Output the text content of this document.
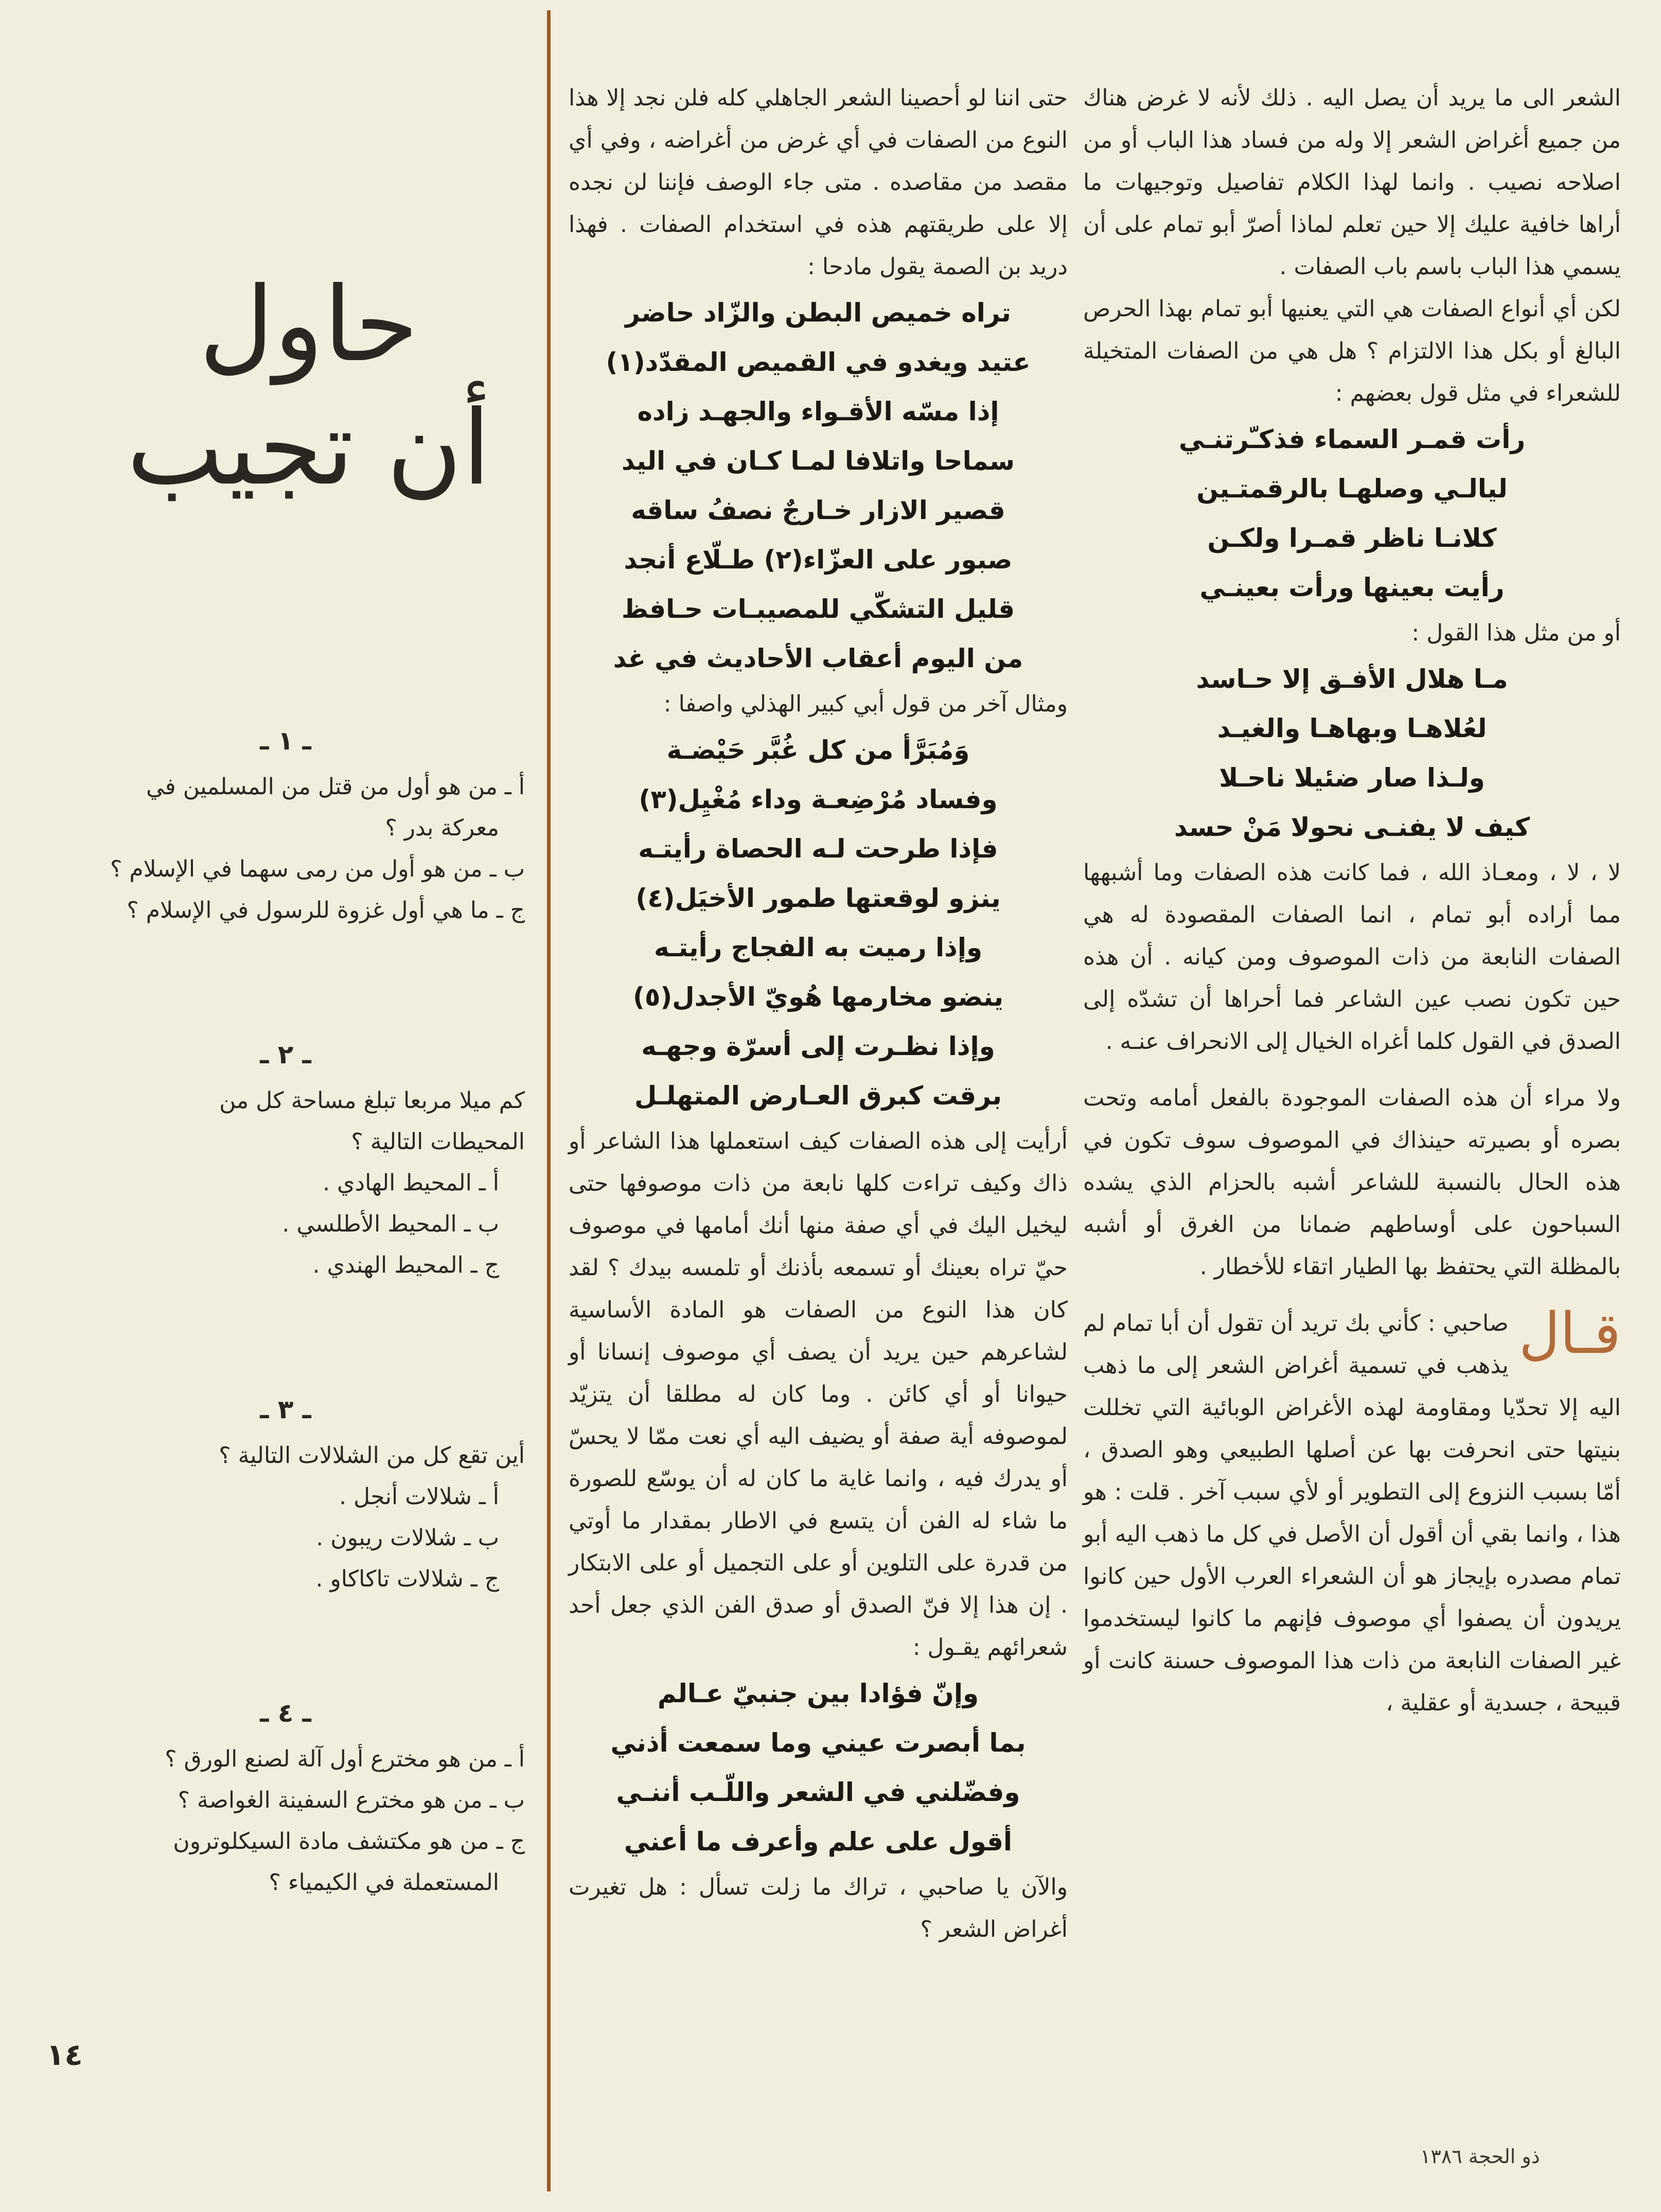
الشعر الى ما يريد أن يصل اليه . ذلك لأنه لا غرض هناك من جميع أغراض الشعر إلا وله من فساد هذا الباب أو من اصلاحه نصيب . وانما لهذا الكلام تفاصيل وتوجيهات ما أراها خافية عليك إلا حين تعلم لماذا أصرّ أبو تمام على أن يسمي هذا الباب باسم باب الصفات .

لكن أي أنواع الصفات هي التي يعنيها أبو تمام بهذا الحرص البالغ أو بكل هذا الالتزام ؟ هل هي من الصفات المتخيلة للشعراء في مثل قول بعضهم :

رأت قمـر السماء فذكـّرتنـي

ليالـي وصلهـا بالرقمتـين

كلانـا ناظر قمـرا ولكـن

رأيت بعينها ورأت بعينـي

أو من مثل هذا القول :

مـا هلال الأفـق إلا حـاسد

لعُلاهـا وبهاهـا والغيـد

ولـذا صار ضئيلا ناحـلا

كيف لا يفنـى نحولا مَنْ حسد

لا ، لا ، ومعـاذ الله ، فما كانت هذه الصفات وما أشبهها مما أراده أبو تمام ، انما الصفات المقصودة له هي الصفات النابعة من ذات الموصوف ومن كيانه . أن هذه حين تكون نصب عين الشاعر فما أحراها أن تشدّه إلى الصدق في القول كلما أغراه الخيال إلى الانحراف عنـه .

ولا مراء أن هذه الصفات الموجودة بالفعل أمامه وتحت بصره أو بصيرته حينذاك في الموصوف سوف تكون في هذه الحال بالنسبة للشاعر أشبه بالحزام الذي يشده السباحون على أوساطهم ضمانا من الغرق أو أشبه بالمظلة التي يحتفظ بها الطيار اتقاء للأخطار .

قـال
صاحبي : كأني بك تريد أن تقول أن أبا تمام لم يذهب في تسمية أغراض الشعر إلى ما ذهب اليه إلا تحدّيا ومقاومة لهذه الأغراض الوبائية التي تخللت بنيتها حتى انحرفت بها عن أصلها الطبيعي وهو الصدق ، أمّا بسبب النزوع إلى التطوير أو لأي سبب آخر . قلت : هو هذا ، وانما بقي أن أقول أن الأصل في كل ما ذهب اليه أبو تمام مصدره بإيجاز هو أن الشعراء العرب الأول حين كانوا يريدون أن يصفوا أي موصوف فإنهم ما كانوا ليستخدموا غير الصفات النابعة من ذات هذا الموصوف حسنة كانت أو قبيحة ، جسدية أو عقلية ،

حتى اننا لو أحصينا الشعر الجاهلي كله فلن نجد إلا هذا النوع من الصفات في أي غرض من أغراضه ، وفي أي مقصد من مقاصده . متى جاء الوصف فإننا لن نجده إلا على طريقتهم هذه في استخدام الصفات . فهذا دريد بن الصمة يقول مادحا :

تراه خميص البطن والزّاد حاضر

عتيد ويغدو في القميص المقدّد(١)

إذا مسّه الأقـواء والجهـد زاده

سماحا واتلافا لمـا كـان في اليد

قصير الازار خـارجٌ نصفُ ساقه

صبور على العزّاء(٢) طـلّاع أنجد

قليل التشكّي للمصيبـات حـافظ

من اليوم أعقاب الأحاديث في غد

ومثال آخر من قول أبي كبير الهذلي واصفا :

وَمُبَرَّأ من كل غُبَّر حَيْضـة

وفساد مُرْضِعـة وداء مُغْيِل(٣)

فإذا طرحت لـه الحصاة رأيتـه

ينزو لوقعتها طمور الأخيَل(٤)

وإذا رميت به الفجاج رأيتـه

ينضو مخارمها هُويّ الأجدل(٥)

وإذا نظـرت إلى أسرّة وجهـه

برقت كبرق العـارض المتهلـل

أرأيت إلى هذه الصفات كيف استعملها هذا الشاعر أو ذاك وكيف تراءت كلها نابعة من ذات موصوفها حتى ليخيل اليك في أي صفة منها أنك أمامها في موصوف حيّ تراه بعينك أو تسمعه بأذنك أو تلمسه بيدك ؟ لقد كان هذا النوع من الصفات هو المادة الأساسية لشاعرهم حين يريد أن يصف أي موصوف إنسانا أو حيوانا أو أي كائن . وما كان له مطلقا أن يتزيّد لموصوفه أية صفة أو يضيف اليه أي نعت ممّا لا يحسّ أو يدرك فيه ، وانما غاية ما كان له أن يوسّع للصورة ما شاء له الفن أن يتسع في الاطار بمقدار ما أوتي من قدرة على التلوين أو على التجميل أو على الابتكار . إن هذا إلا فنّ الصدق أو صدق الفن الذي جعل أحد شعرائهم يقـول :

وإنّ فؤادا بين جنبيّ عـالم

بما أبصرت عيني وما سمعت أذني

وفضّلني في الشعر واللّـب أننـي

أقول على علم وأعرف ما أعني

والآن يا صاحبي ، تراك ما زلت تسأل : هل تغيرت أغراض الشعر ؟

حاول
أن تجيب
ـ ١ ـ

أ ـ من هو أول من قتل من المسلمين في

معركة بدر ؟

ب ـ من هو أول من رمى سهما في الإسلام ؟

ج ـ ما هي أول غزوة للرسول في الإسلام ؟

ـ ٢ ـ

كم ميلا مربعا تبلغ مساحة كل من

المحيطات التالية ؟

أ ـ المحيط الهادي .

ب ـ المحيط الأطلسي .

ج ـ المحيط الهندي .

ـ ٣ ـ

أين تقع كل من الشلالات التالية ؟

أ ـ شلالات أنجل .

ب ـ شلالات ريبون .

ج ـ شلالات تاكاكاو .

ـ ٤ ـ

أ ـ من هو مخترع أول آلة لصنع الورق ؟

ب ـ من هو مخترع السفينة الغواصة ؟

ج ـ من هو مكتشف مادة السيكلوترون

المستعملة في الكيمياء ؟

١٤
ذو الحجة ١٣٨٦
